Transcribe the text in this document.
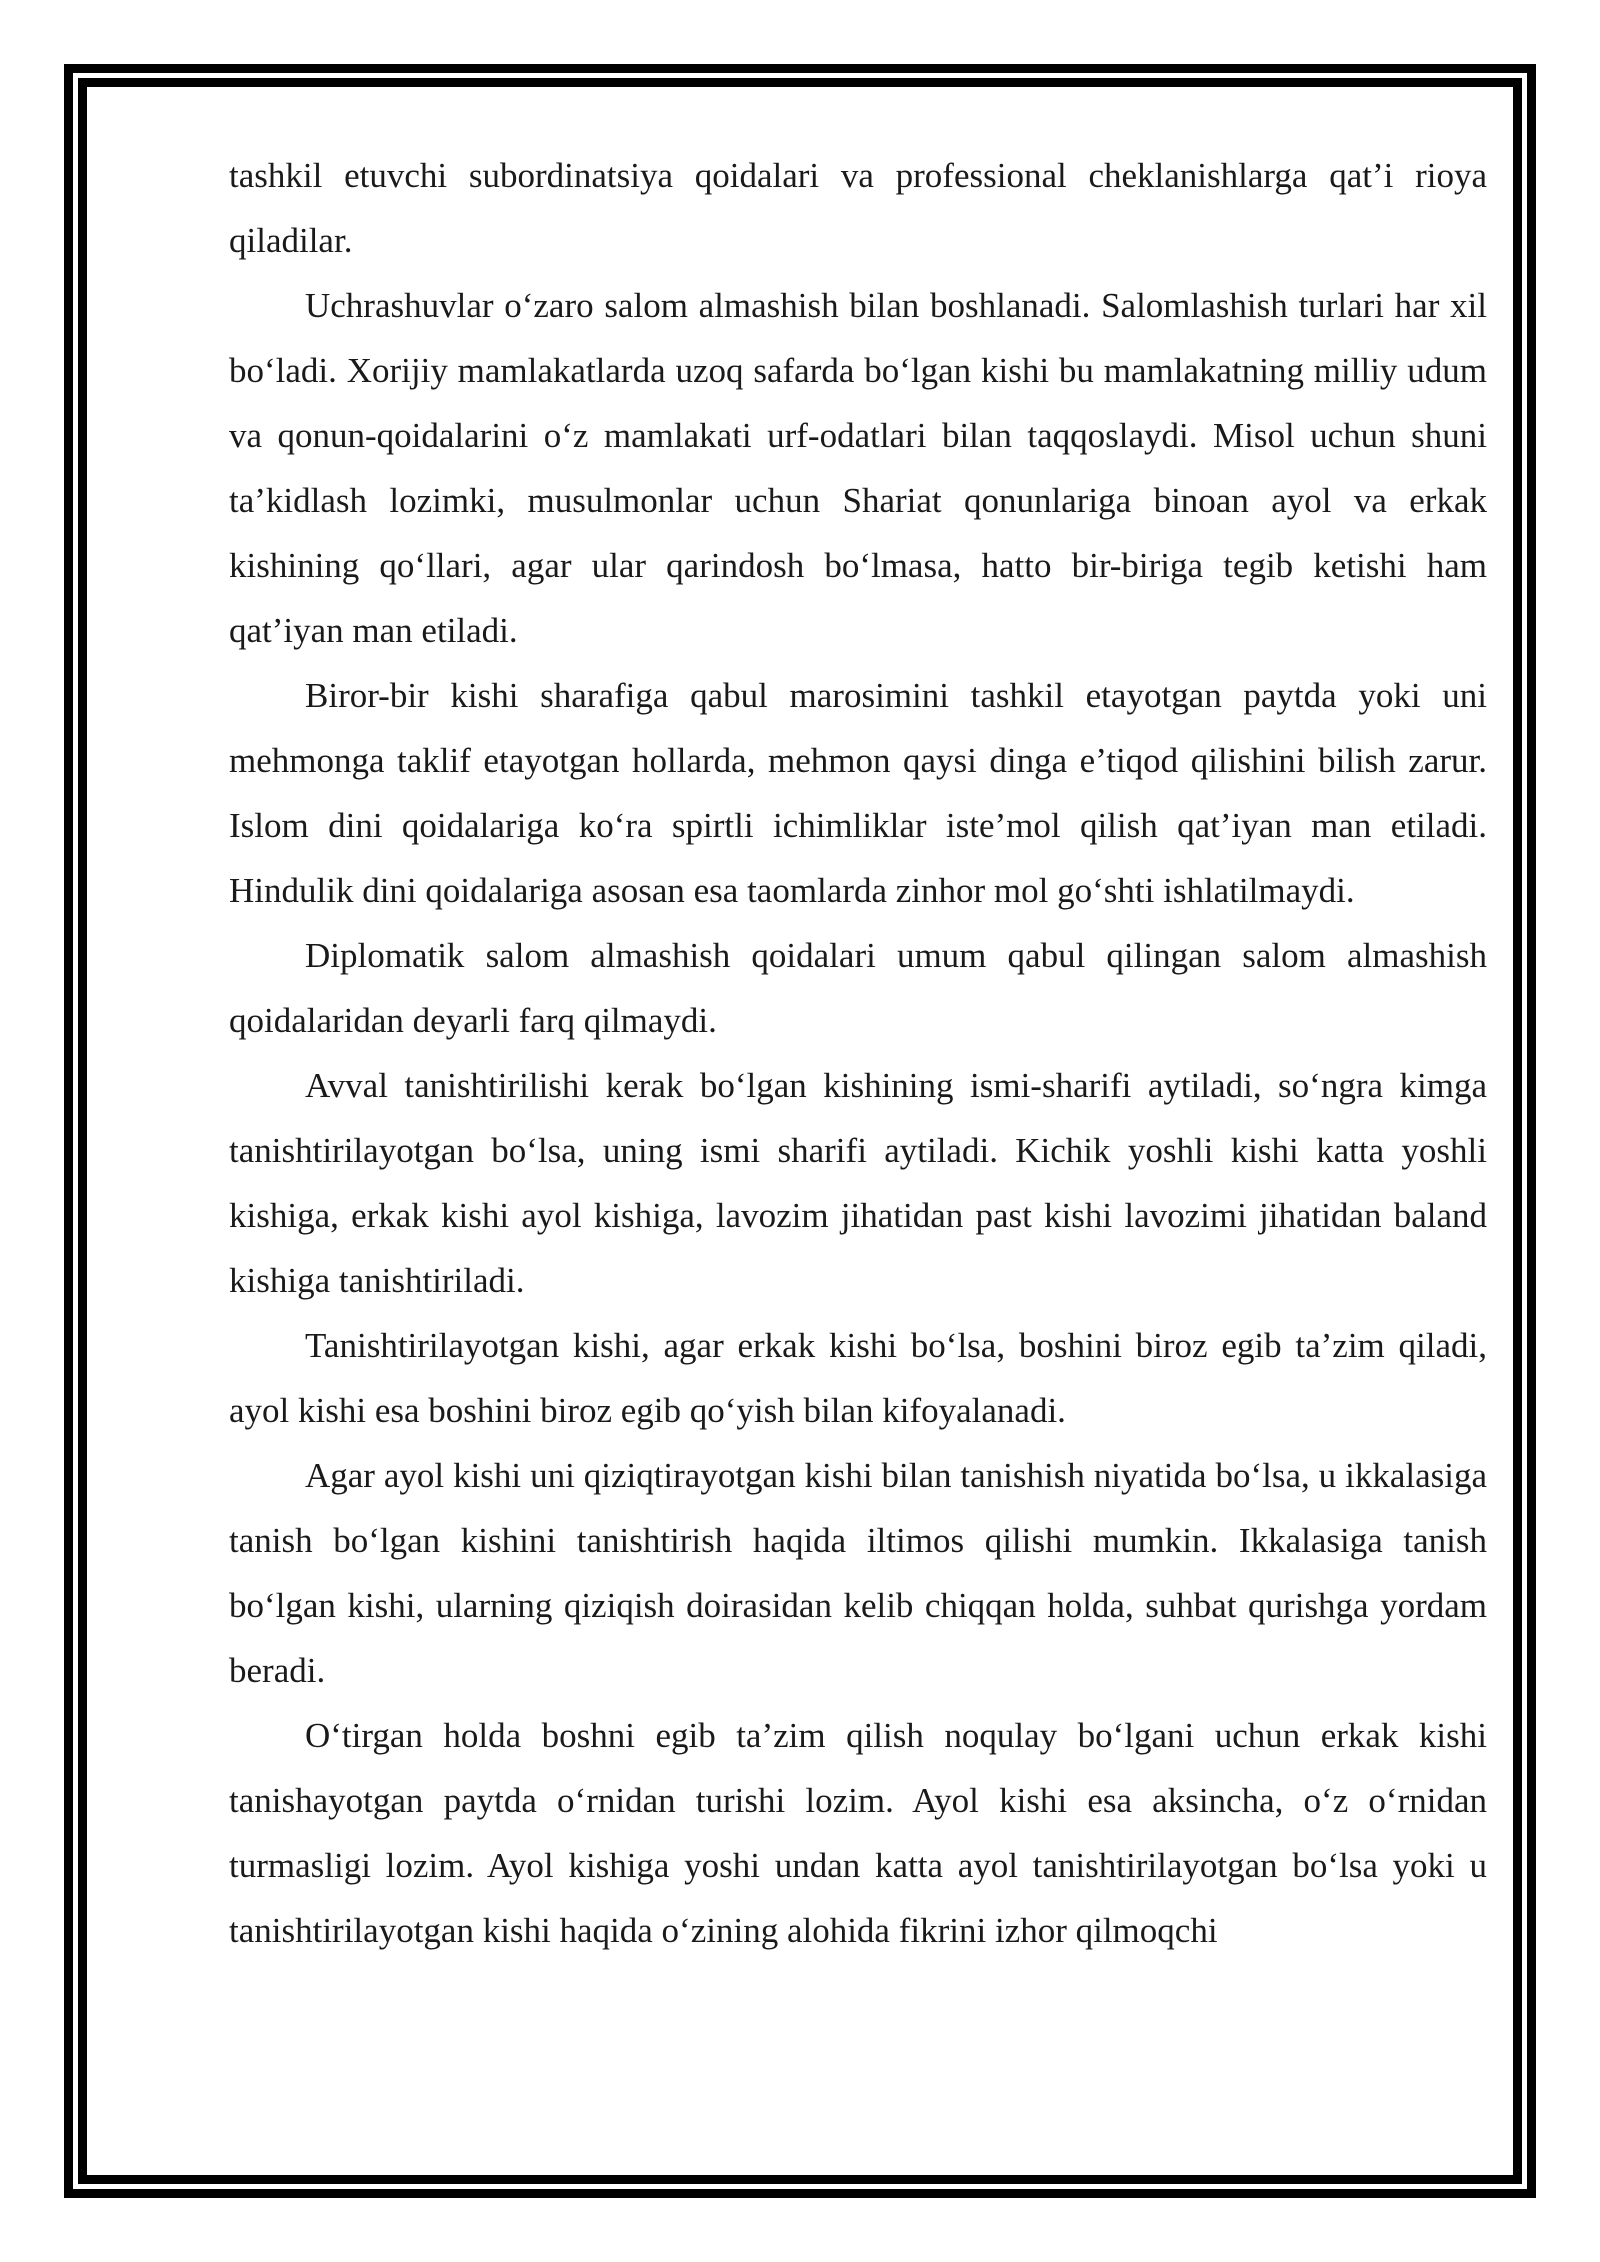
tashkil etuvchi subordinatsiya qoidalari va professional cheklanishlarga qat’i rioya qiladilar.

Uchrashuvlar o‘zaro salom almashish bilan boshlanadi. Salomlashish turlari har xil bo‘ladi. Xorijiy mamlakatlarda uzoq safarda bo‘lgan kishi bu mamlakatning milliy udum va qonun-qoidalarini o‘z mamlakati urf-odatlari bilan taqqoslaydi. Misol uchun shuni ta’kidlash lozimki, musulmonlar uchun Shariat qonunlariga binoan ayol va erkak kishining qo‘llari, agar ular qarindosh bo‘lmasa, hatto bir-biriga tegib ketishi ham qat’iyan man etiladi.

Biror-bir kishi sharafiga qabul marosimini tashkil etayotgan paytda yoki uni mehmonga taklif etayotgan hollarda, mehmon qaysi dinga e’tiqod qilishini bilish zarur. Islom dini qoidalariga ko‘ra spirtli ichimliklar iste’mol qilish qat’iyan man etiladi. Hindulik dini qoidalariga asosan esa taomlarda zinhor mol go‘shti ishlatilmaydi.

Diplomatik salom almashish qoidalari umum qabul qilingan salom almashish qoidalaridan deyarli farq qilmaydi.

Avval tanishtirilishi kerak bo‘lgan kishining ismi-sharifi aytiladi, so‘ngra kimga tanishtirilayotgan bo‘lsa, uning ismi sharifi aytiladi. Kichik yoshli kishi katta yoshli kishiga, erkak kishi ayol kishiga, lavozim jihatidan past kishi lavozimi jihatidan baland kishiga tanishtiriladi.

Tanishtirilayotgan kishi, agar erkak kishi bo‘lsa, boshini biroz egib ta’zim qiladi, ayol kishi esa boshini biroz egib qo‘yish bilan kifoyalanadi.

Agar ayol kishi uni qiziqtirayotgan kishi bilan tanishish niyatida bo‘lsa, u ikkalasiga tanish bo‘lgan kishini tanishtirish haqida iltimos qilishi mumkin. Ikkalasiga tanish bo‘lgan kishi, ularning qiziqish doirasidan kelib chiqqan holda, suhbat qurishga yordam beradi.

O‘tirgan holda boshni egib ta’zim qilish noqulay bo‘lgani uchun erkak kishi tanishayotgan paytda o‘rnidan turishi lozim. Ayol kishi esa aksincha, o‘z o‘rnidan turmasligi lozim. Ayol kishiga yoshi undan katta ayol tanishtirilayotgan bo‘lsa yoki u tanishtirilayotgan kishi haqida o‘zining alohida fikrini izhor qilmoqchi
